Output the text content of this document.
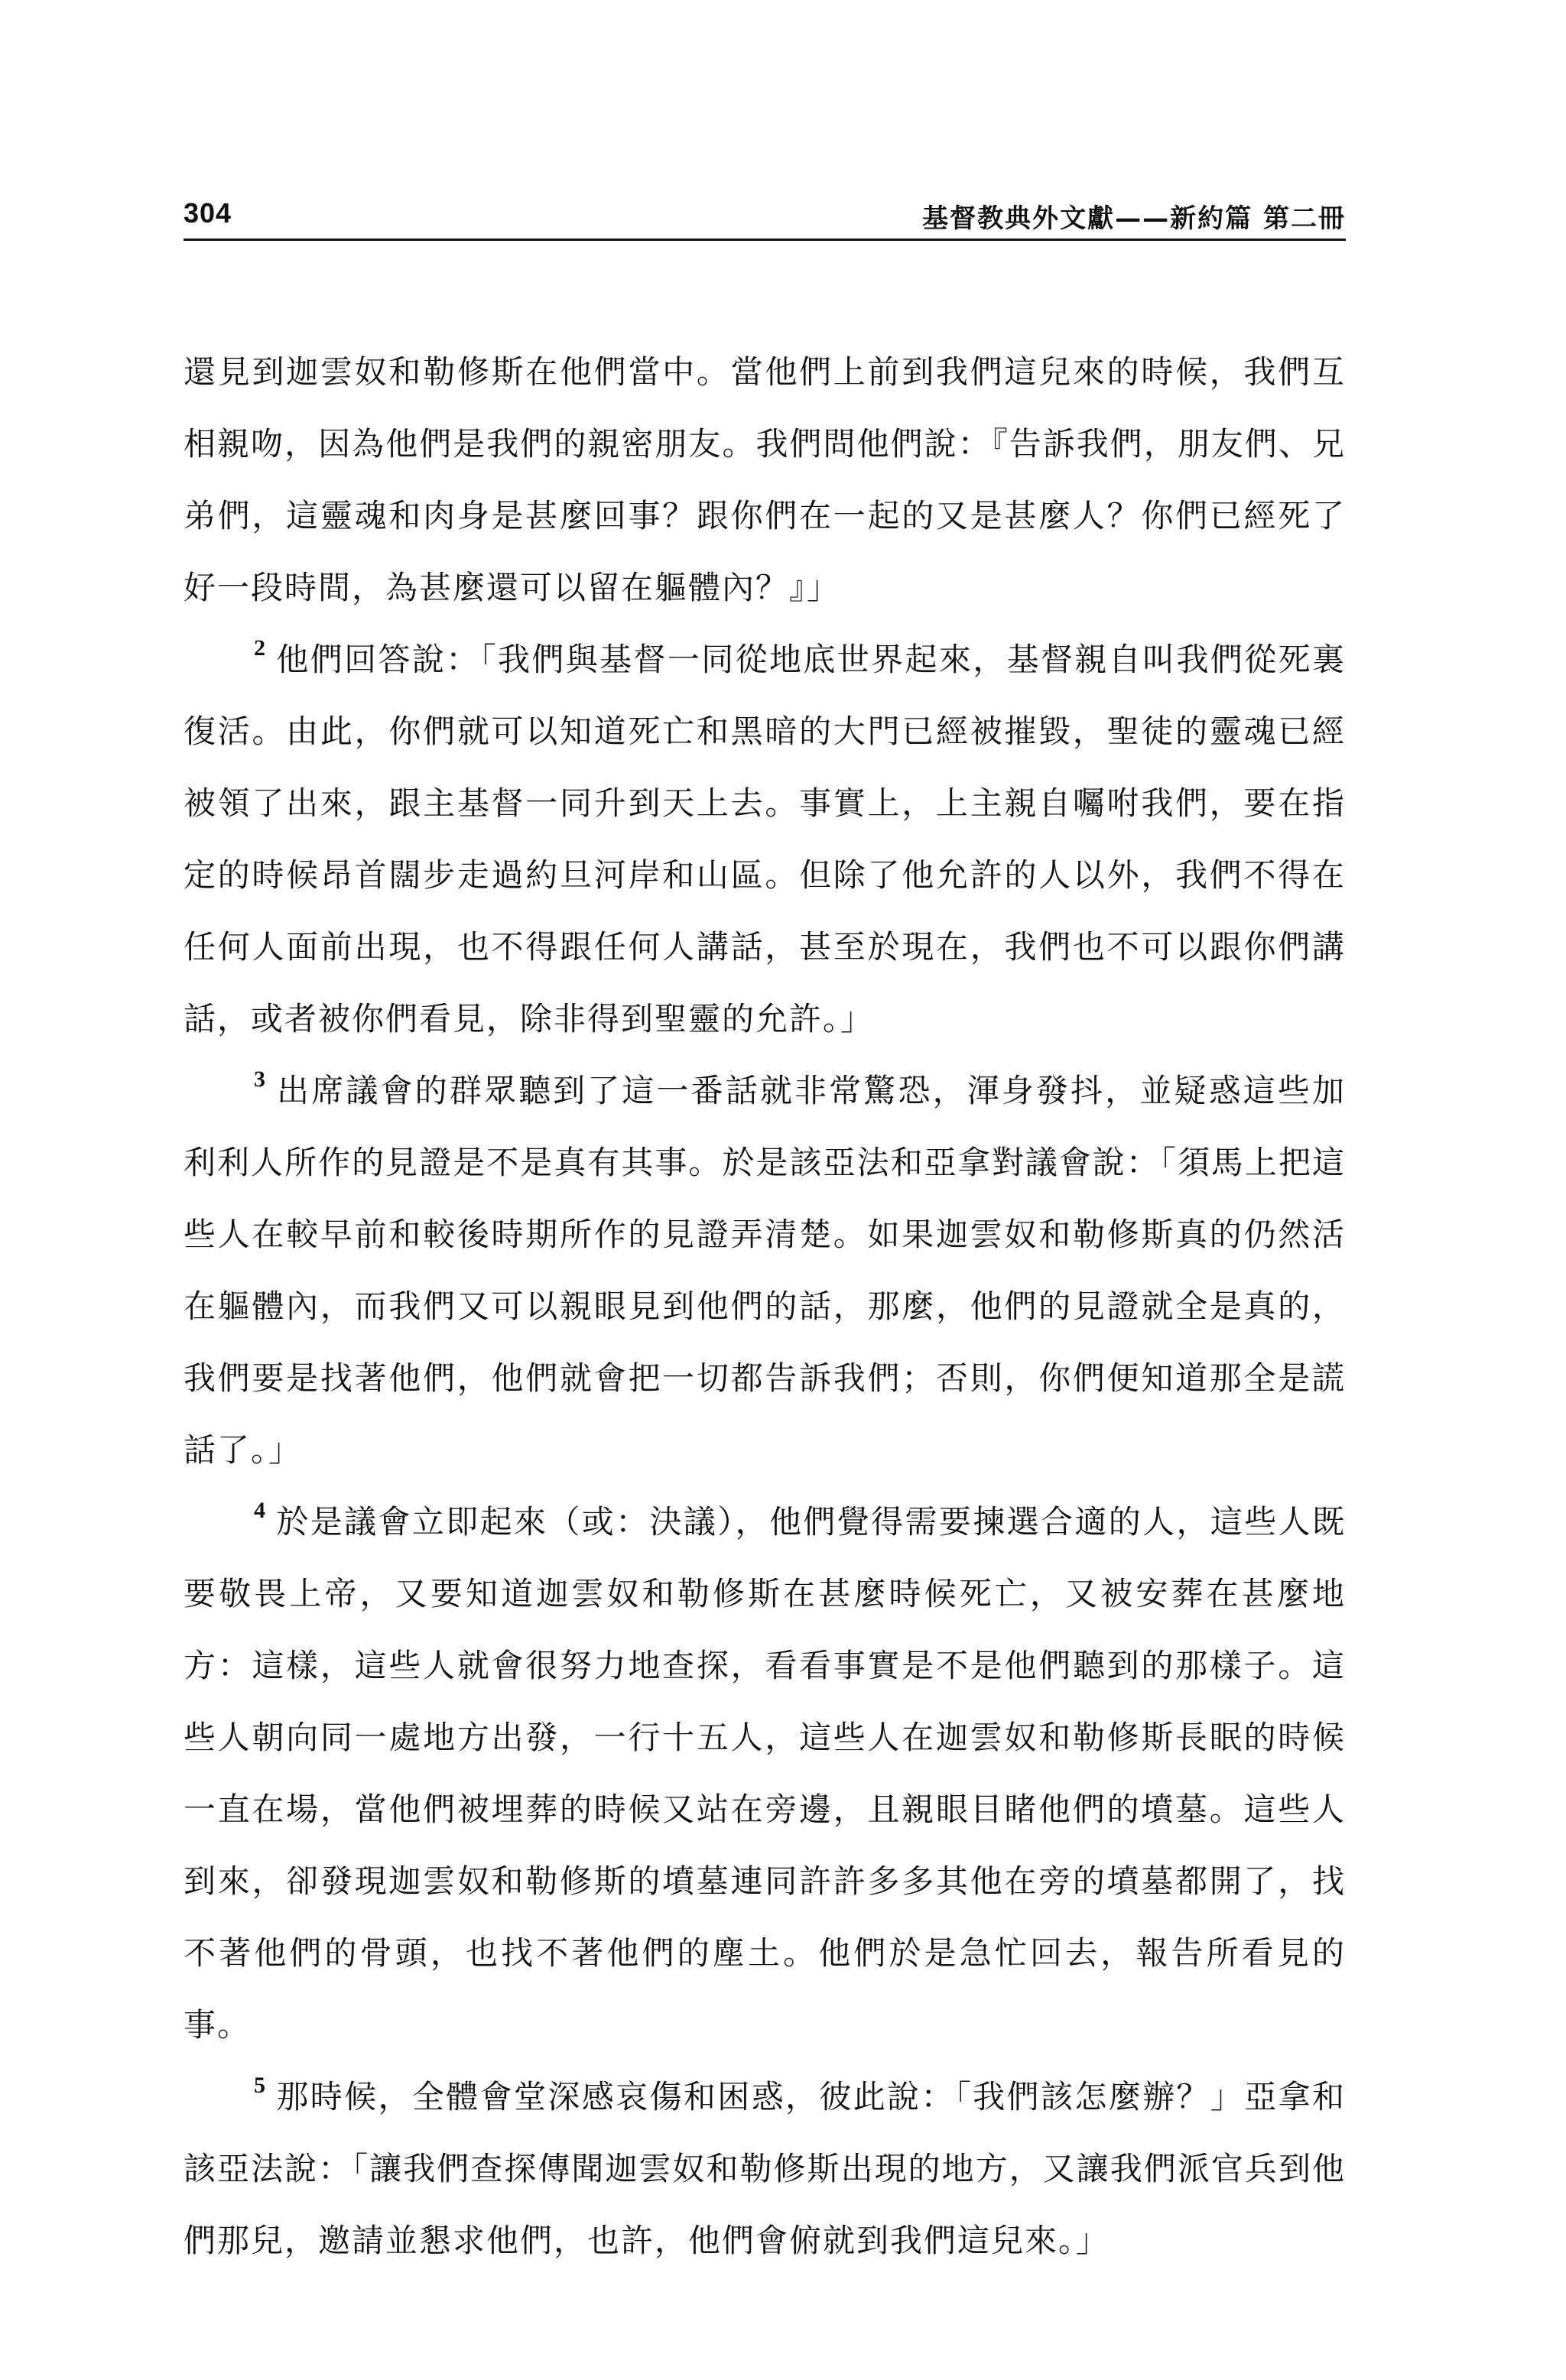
304	基督教典外文獻——新約篇 第二冊

還見到迦雲奴和勒修斯在他們當中。當他們上前到我們這兒來的時候，我們互相親吻，因為他們是我們的親密朋友。我們問他們說：『告訴我們，朋友們、兄弟們，這靈魂和肉身是甚麼回事？跟你們在一起的又是甚麼人？你們已經死了好一段時間，為甚麼還可以留在軀體內？』」

$^2$ 他們回答說：「我們與基督一同從地底世界起來，基督親自叫我們從死裏復活。由此，你們就可以知道死亡和黑暗的大門已經被摧毀，聖徒的靈魂已經被領了出來，跟主基督一同升到天上去。事實上，上主親自囑咐我們，要在指定的時候昂首闊步走過約旦河岸和山區。但除了他允許的人以外，我們不得在任何人面前出現，也不得跟任何人講話，甚至於現在，我們也不可以跟你們講話，或者被你們看見，除非得到聖靈的允許。」

$^3$ 出席議會的群眾聽到了這一番話就非常驚恐，渾身發抖，並疑惑這些加利利人所作的見證是不是真有其事。於是該亞法和亞拿對議會說：「須馬上把這些人在較早前和較後時期所作的見證弄清楚。如果迦雲奴和勒修斯真的仍然活在軀體內，而我們又可以親眼見到他們的話，那麼，他們的見證就全是真的，我們要是找著他們，他們就會把一切都告訴我們；否則，你們便知道那全是謊話了。」

$^4$ 於是議會立即起來（或：決議），他們覺得需要揀選合適的人，這些人既要敬畏上帝，又要知道迦雲奴和勒修斯在甚麼時候死亡，又被安葬在甚麼地方：這樣，這些人就會很努力地查探，看看事實是不是他們聽到的那樣子。這些人朝向同一處地方出發，一行十五人，這些人在迦雲奴和勒修斯長眠的時候一直在場，當他們被埋葬的時候又站在旁邊，且親眼目睹他們的墳墓。這些人到來，卻發現迦雲奴和勒修斯的墳墓連同許許多多其他在旁的墳墓都開了，找不著他們的骨頭，也找不著他們的塵土。他們於是急忙回去，報告所看見的事。

$^5$ 那時候，全體會堂深感哀傷和困惑，彼此說：「我們該怎麼辦？」亞拿和該亞法說：「讓我們查探傳聞迦雲奴和勒修斯出現的地方，又讓我們派官兵到他們那兒，邀請並懇求他們，也許，他們會俯就到我們這兒來。」
